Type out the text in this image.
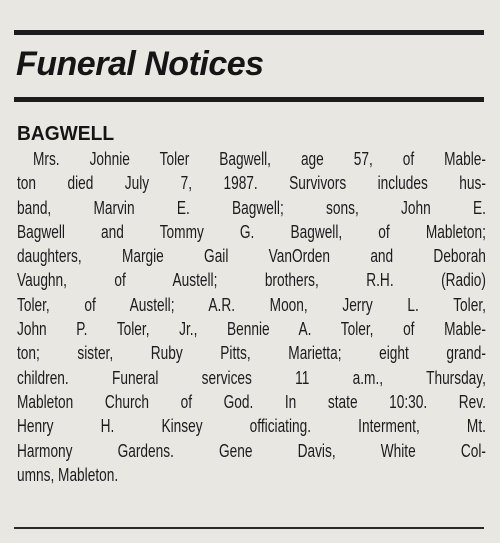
Funeral Notices
BAGWELL
Mrs. Johnie Toler Bagwell, age 57, of Mable-
ton died July 7, 1987. Survivors includes hus-
band, Marvin E. Bagwell; sons, John E.
Bagwell and Tommy G. Bagwell, of Mableton;
daughters, Margie Gail VanOrden and Deborah
Vaughn, of Austell; brothers, R.H. (Radio)
Toler, of Austell; A.R. Moon, Jerry L. Toler,
John P. Toler, Jr., Bennie A. Toler, of Mable-
ton; sister, Ruby Pitts, Marietta; eight grand-
children. Funeral services 11 a.m., Thursday,
Mableton Church of God. In state 10:30. Rev.
Henry H. Kinsey officiating. Interment, Mt.
Harmony Gardens. Gene Davis, White Col-
umns, Mableton.
